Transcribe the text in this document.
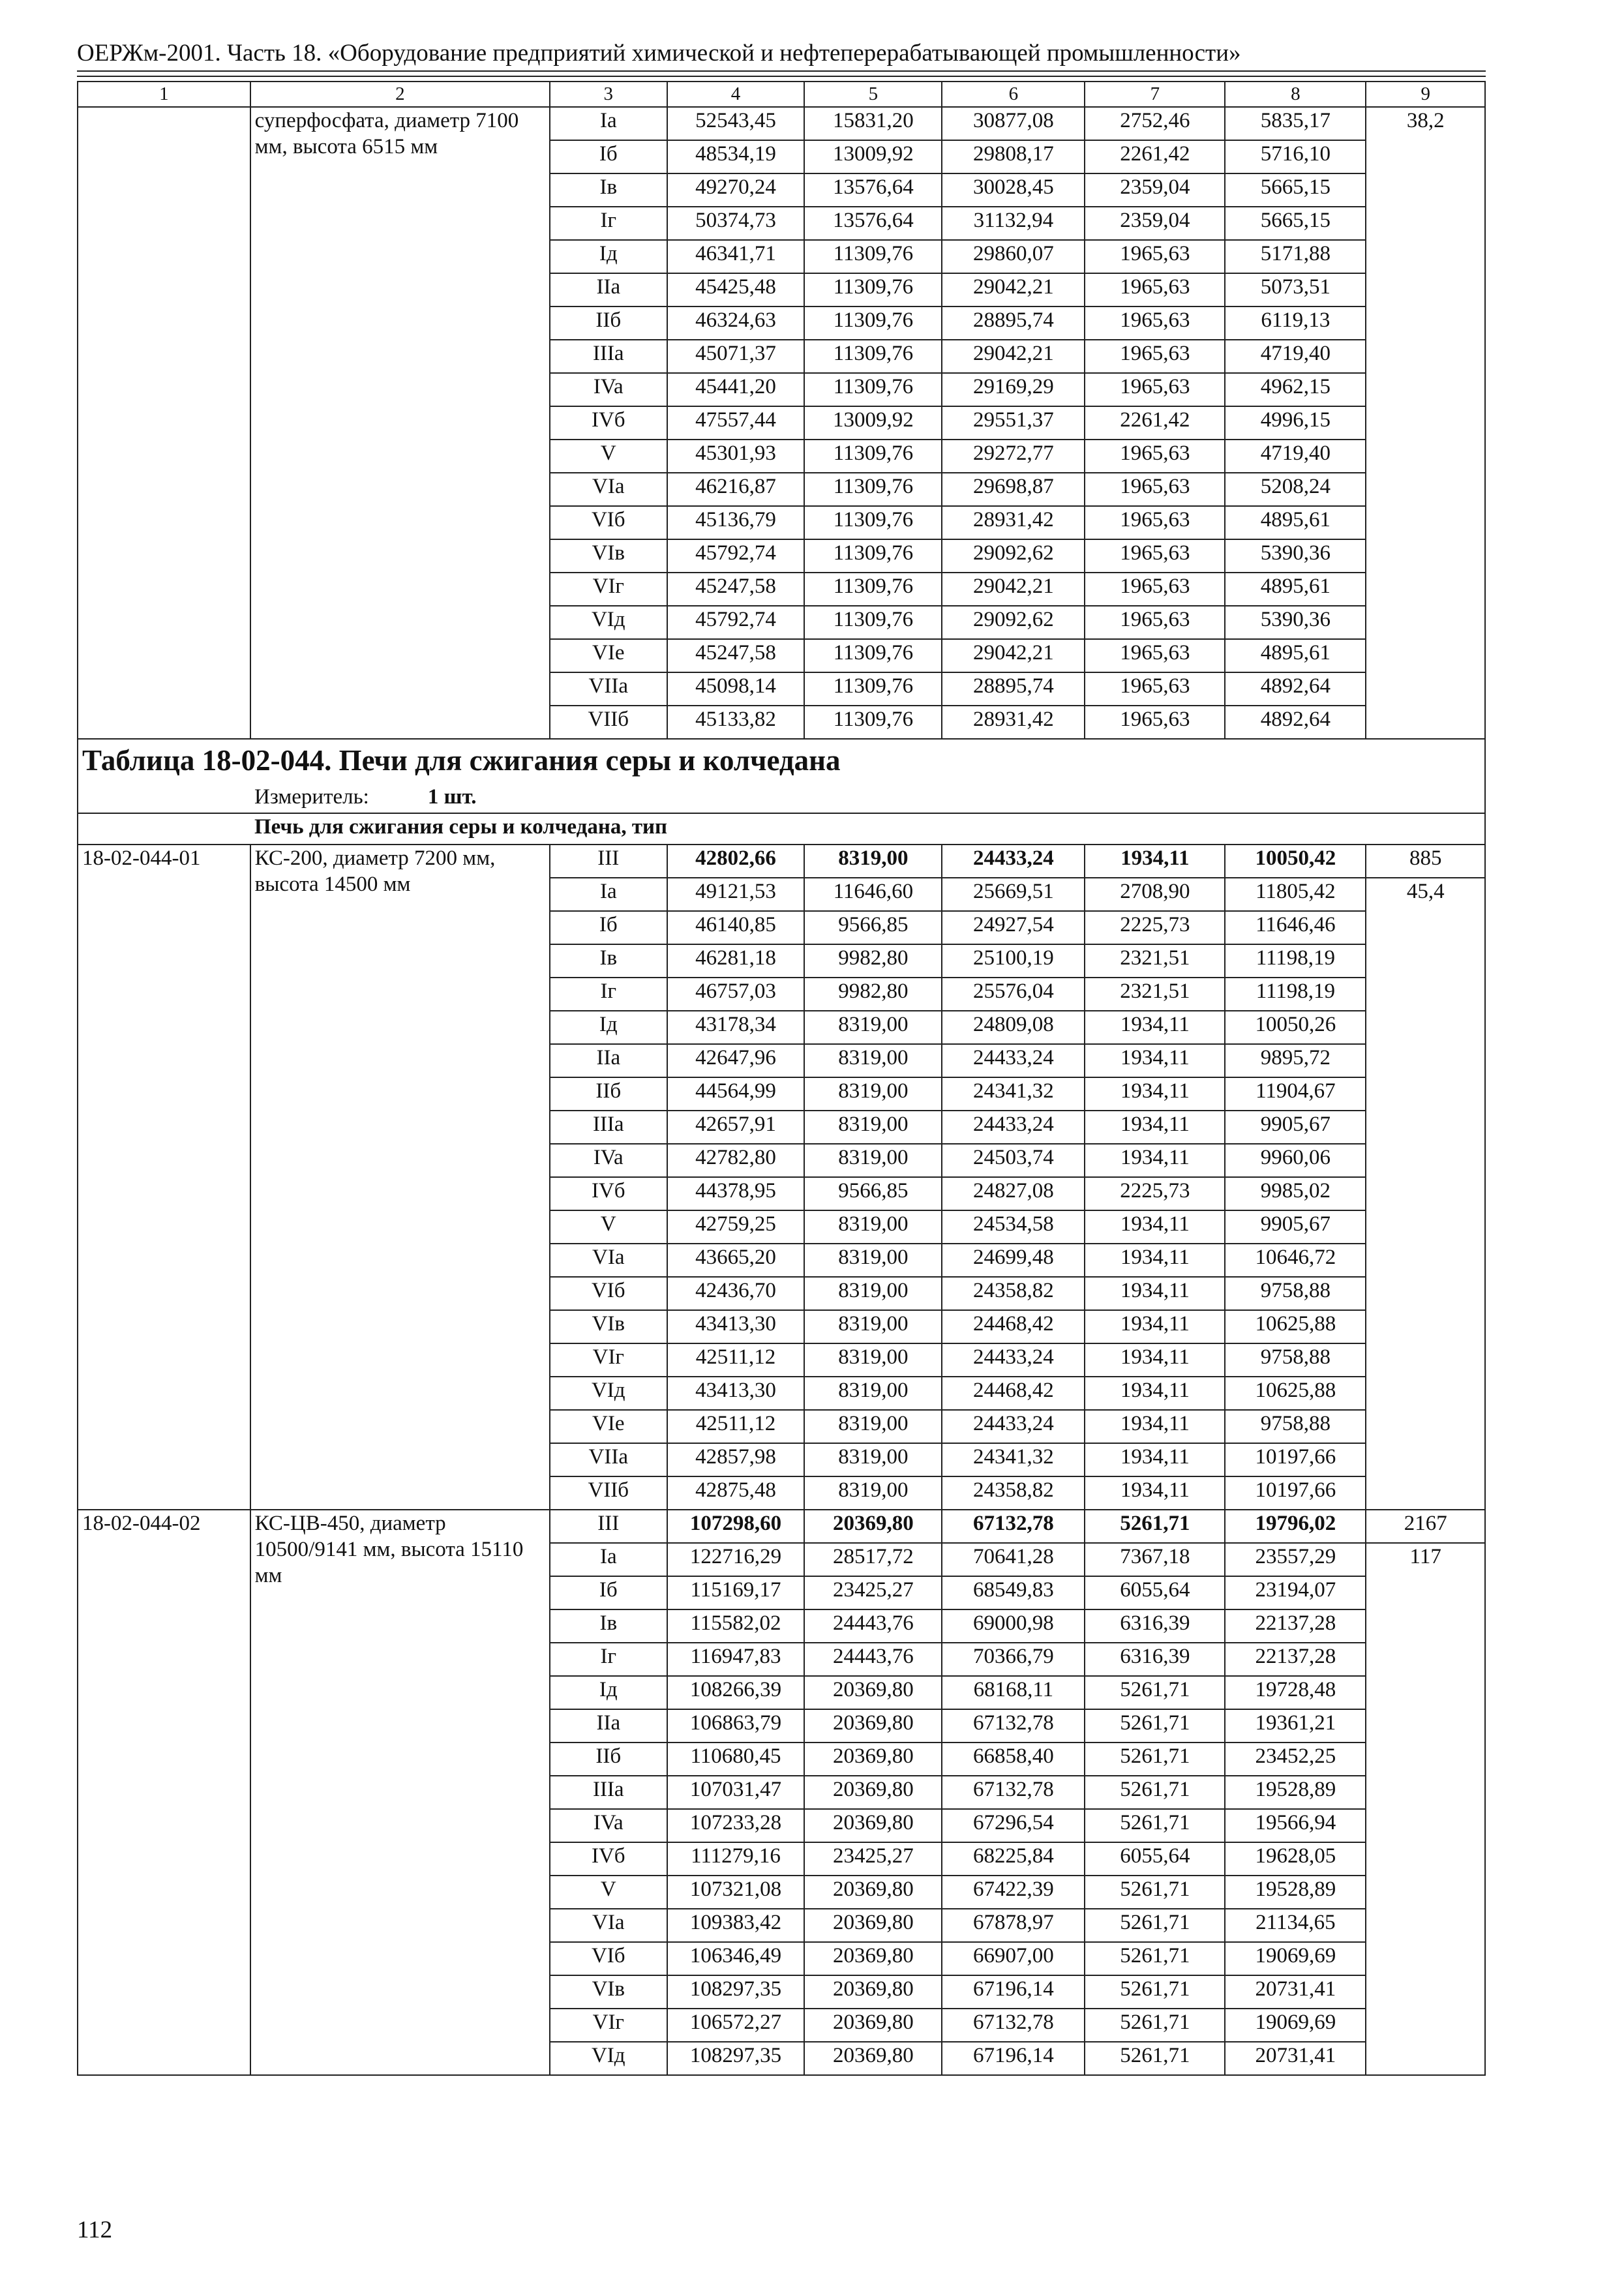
ОЕРЖм-2001. Часть 18. «Оборудование предприятий химической и нефтеперерабатывающей промышленности»
1	2	3	4	5	6	7	8	9
	суперфосфата, диаметр 7100 мм, высота 6515 мм	Ia	52543,45	15831,20	30877,08	2752,46	5835,17	38,2
		Iб	48534,19	13009,92	29808,17	2261,42	5716,10	
		Iв	49270,24	13576,64	30028,45	2359,04	5665,15	
		Iг	50374,73	13576,64	31132,94	2359,04	5665,15	
		Iд	46341,71	11309,76	29860,07	1965,63	5171,88	
		IIa	45425,48	11309,76	29042,21	1965,63	5073,51	
		IIб	46324,63	11309,76	28895,74	1965,63	6119,13	
		IIIa	45071,37	11309,76	29042,21	1965,63	4719,40	
		IVa	45441,20	11309,76	29169,29	1965,63	4962,15	
		IVб	47557,44	13009,92	29551,37	2261,42	4996,15	
		V	45301,93	11309,76	29272,77	1965,63	4719,40	
		VIa	46216,87	11309,76	29698,87	1965,63	5208,24	
		VIб	45136,79	11309,76	28931,42	1965,63	4895,61	
		VIв	45792,74	11309,76	29092,62	1965,63	5390,36	
		VIг	45247,58	11309,76	29042,21	1965,63	4895,61	
		VIд	45792,74	11309,76	29092,62	1965,63	5390,36	
		VIe	45247,58	11309,76	29042,21	1965,63	4895,61	
		VIIa	45098,14	11309,76	28895,74	1965,63	4892,64	
		VIIб	45133,82	11309,76	28931,42	1965,63	4892,64	

Таблица 18-02-044. Печи для сжигания серы и колчедана								

Измеритель: 1 шт.								
Печь для сжигания серы и колчедана, тип								
18-02-044-01	КС-200, диаметр 7200 мм, высота 14500 мм	III	42802,66	8319,00	24433,24	1934,11	10050,42	885
		Ia	49121,53	11646,60	25669,51	2708,90	11805,42	45,4
		Iб	46140,85	9566,85	24927,54	2225,73	11646,46	
		Iв	46281,18	9982,80	25100,19	2321,51	11198,19	
		Iг	46757,03	9982,80	25576,04	2321,51	11198,19	
		Iд	43178,34	8319,00	24809,08	1934,11	10050,26	
		IIa	42647,96	8319,00	24433,24	1934,11	9895,72	
		IIб	44564,99	8319,00	24341,32	1934,11	11904,67	
		IIIa	42657,91	8319,00	24433,24	1934,11	9905,67	
		IVa	42782,80	8319,00	24503,74	1934,11	9960,06	
		IVб	44378,95	9566,85	24827,08	2225,73	9985,02	
		V	42759,25	8319,00	24534,58	1934,11	9905,67	
		VIa	43665,20	8319,00	24699,48	1934,11	10646,72	
		VIб	42436,70	8319,00	24358,82	1934,11	9758,88	
		VIв	43413,30	8319,00	24468,42	1934,11	10625,88	
		VIг	42511,12	8319,00	24433,24	1934,11	9758,88	
		VIд	43413,30	8319,00	24468,42	1934,11	10625,88	
		VIe	42511,12	8319,00	24433,24	1934,11	9758,88	
		VIIa	42857,98	8319,00	24341,32	1934,11	10197,66	
		VIIб	42875,48	8319,00	24358,82	1934,11	10197,66	
18-02-044-02	КС-ЦВ-450, диаметр 10500/9141 мм, высота 15110 мм	III	107298,60	20369,80	67132,78	5261,71	19796,02	2167
		Ia	122716,29	28517,72	70641,28	7367,18	23557,29	117
		Iб	115169,17	23425,27	68549,83	6055,64	23194,07	
		Iв	115582,02	24443,76	69000,98	6316,39	22137,28	
		Iг	116947,83	24443,76	70366,79	6316,39	22137,28	
		Iд	108266,39	20369,80	68168,11	5261,71	19728,48	
		IIa	106863,79	20369,80	67132,78	5261,71	19361,21	
		IIб	110680,45	20369,80	66858,40	5261,71	23452,25	
		IIIa	107031,47	20369,80	67132,78	5261,71	19528,89	
		IVa	107233,28	20369,80	67296,54	5261,71	19566,94	
		IVб	111279,16	23425,27	68225,84	6055,64	19628,05	
		V	107321,08	20369,80	67422,39	5261,71	19528,89	
		VIa	109383,42	20369,80	67878,97	5261,71	21134,65	
		VIб	106346,49	20369,80	66907,00	5261,71	19069,69	
		VIв	108297,35	20369,80	67196,14	5261,71	20731,41	
		VIг	106572,27	20369,80	67132,78	5261,71	19069,69	
		VIд	108297,35	20369,80	67196,14	5261,71	20731,41	
112
